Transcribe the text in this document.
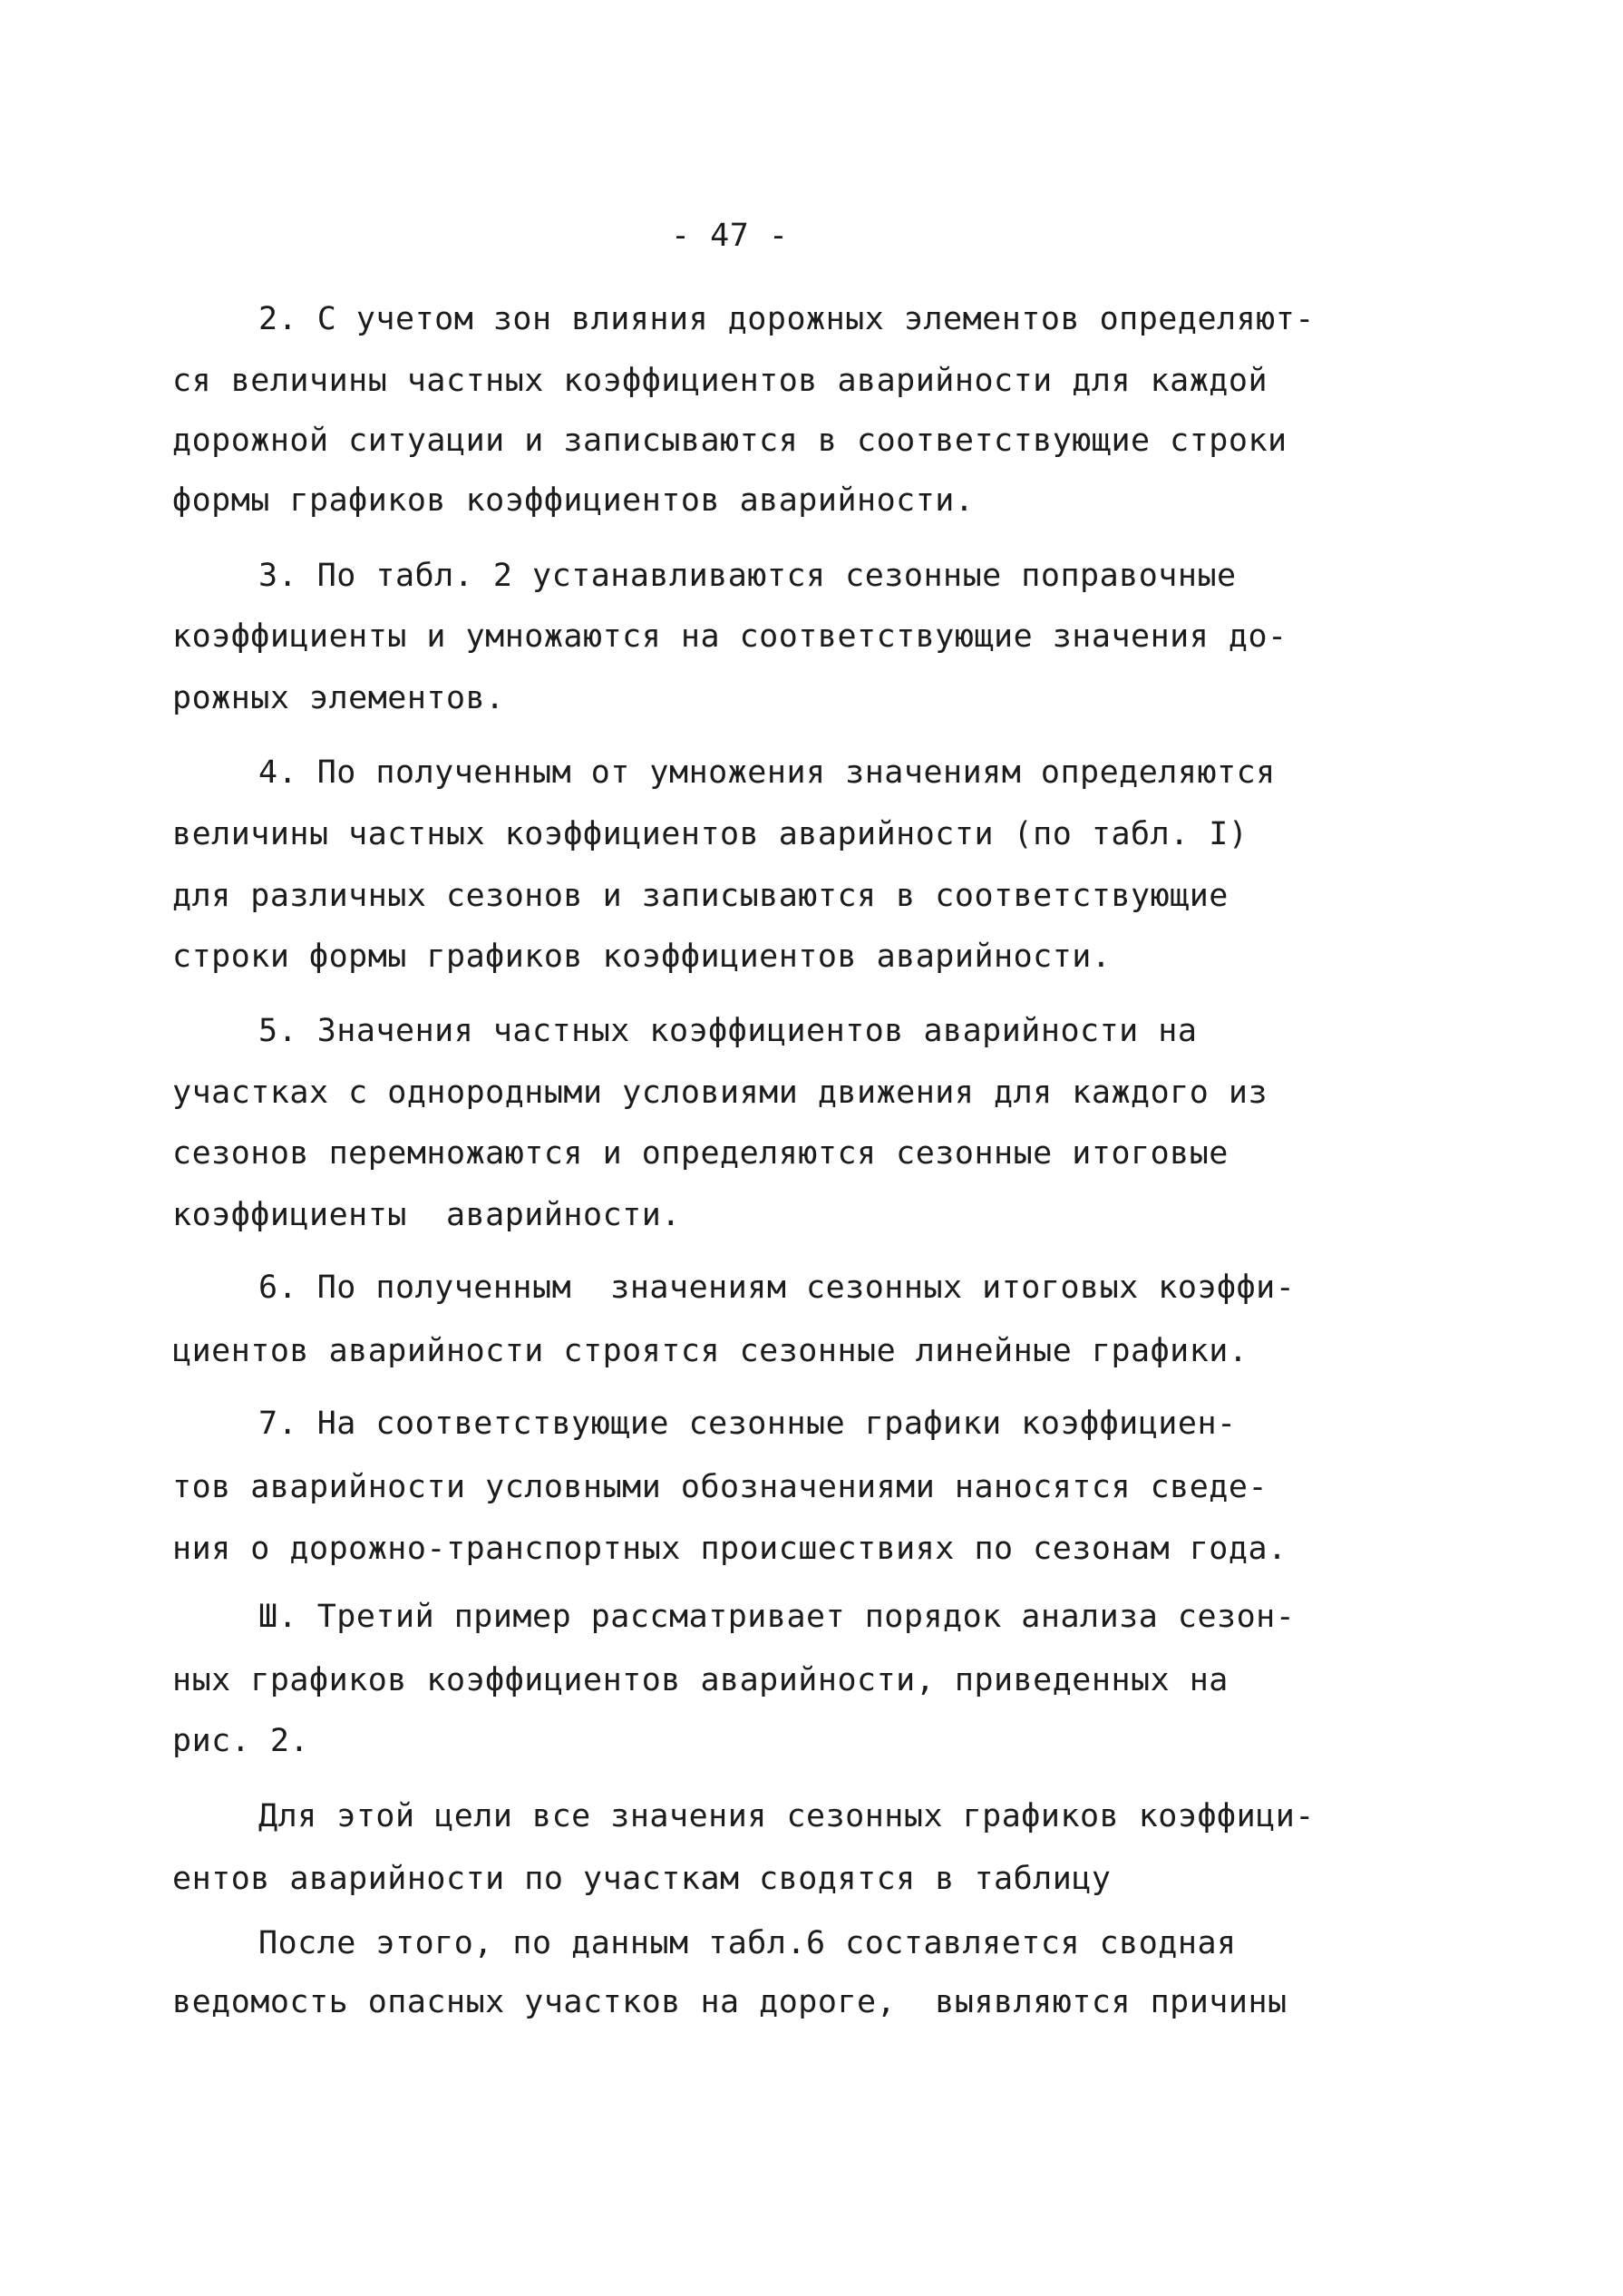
- 47 -
2. С учетом зон влияния дорожных элементов определяют-
ся величины частных коэффициентов аварийности для каждой
дорожной ситуации и записываются в соответствующие строки
формы графиков коэффициентов аварийности.
3. По табл. 2 устанавливаются сезонные поправочные
коэффициенты и умножаются на соответствующие значения до-
рожных элементов.
4. По полученным от умножения значениям определяются
величины частных коэффициентов аварийности (по табл. I)
для различных сезонов и записываются в соответствующие
строки формы графиков коэффициентов аварийности.
5. Значения частных коэффициентов аварийности на
участках с однородными условиями движения для каждого из
сезонов перемножаются и определяются сезонные итоговые
коэффициенты  аварийности.
6. По полученным  значениям сезонных итоговых коэффи-
циентов аварийности строятся сезонные линейные графики.
7. На соответствующие сезонные графики коэффициен-
тов аварийности условными обозначениями наносятся сведе-
ния о дорожно-транспортных происшествиях по сезонам года.
Ш. Третий пример рассматривает порядок анализа сезон-
ных графиков коэффициентов аварийности, приведенных на
рис. 2.
Для этой цели все значения сезонных графиков коэффици-
ентов аварийности по участкам сводятся в таблицу
После этого, по данным табл.6 составляется сводная
ведомость опасных участков на дороге,  выявляются причины
